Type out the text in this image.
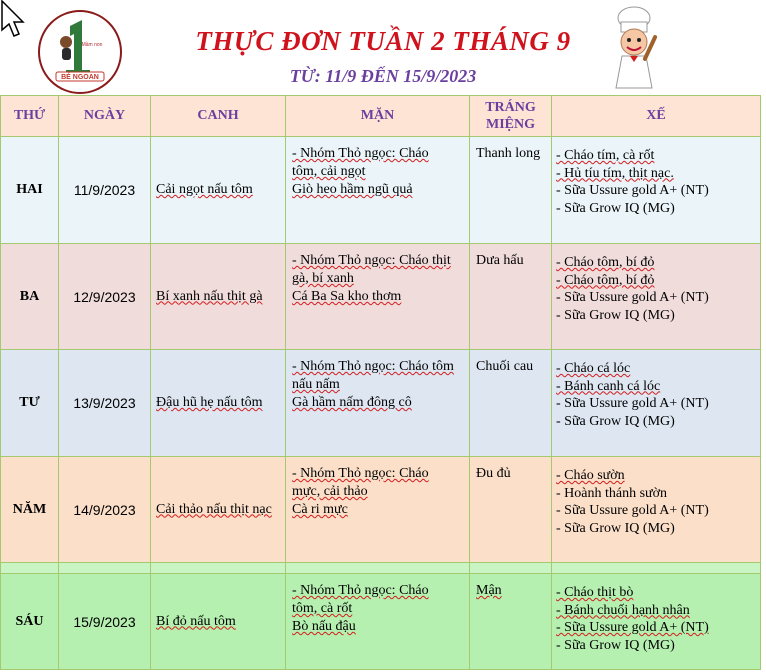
BÉ NGOAN
Mầm non	THỰC ĐƠN TUẦN 2 THÁNG 9
TỪ: 11/9 ĐẾN 15/9/2023
THỨ	NGÀY	CANH	MẶN	TRÁNG MIỆNG	XẾ
HAI	11/9/2023	Cải ngọt nấu tôm	- Nhóm Thỏ ngọc: Cháo
tôm, cải ngọt
Giò heo hầm ngũ quả	Thanh long	- Cháo tím, cà rốt
- Hủ tíu tím, thịt nạc.
- Sữa Ussure gold A+ (NT)
- Sữa Grow IQ (MG)

BA	12/9/2023	Bí xanh nấu thịt gà	- Nhóm Thỏ ngọc: Cháo thịt
gà, bí xanh
Cá Ba Sa kho thơm	Dưa hấu	- Cháo tôm, bí đỏ
- Cháo tôm, bí đỏ
- Sữa Ussure gold A+ (NT)
- Sữa Grow IQ (MG)

TƯ	13/9/2023	Đậu hũ hẹ nấu tôm	- Nhóm Thỏ ngọc: Cháo tôm
nấu nấm
Gà hầm nấm đông cô	Chuối cau	- Cháo cá lóc
- Bánh canh cá lóc
- Sữa Ussure gold A+ (NT)
- Sữa Grow IQ (MG)

NĂM	14/9/2023	Cải thảo nấu thịt nạc	- Nhóm Thỏ ngọc: Cháo
mực, cải thảo
Cà ri mực	Đu đủ	- Cháo sườn
- Hoành thánh sườn
- Sữa Ussure gold A+ (NT)
- Sữa Grow IQ (MG)

SÁU	15/9/2023	Bí đỏ nấu tôm	- Nhóm Thỏ ngọc: Cháo
tôm, cà rốt
Bò nấu đậu	Mận	- Cháo thịt bò
- Bánh chuối hạnh nhân
- Sữa Ussure gold A+ (NT)
- Sữa Grow IQ (MG)
